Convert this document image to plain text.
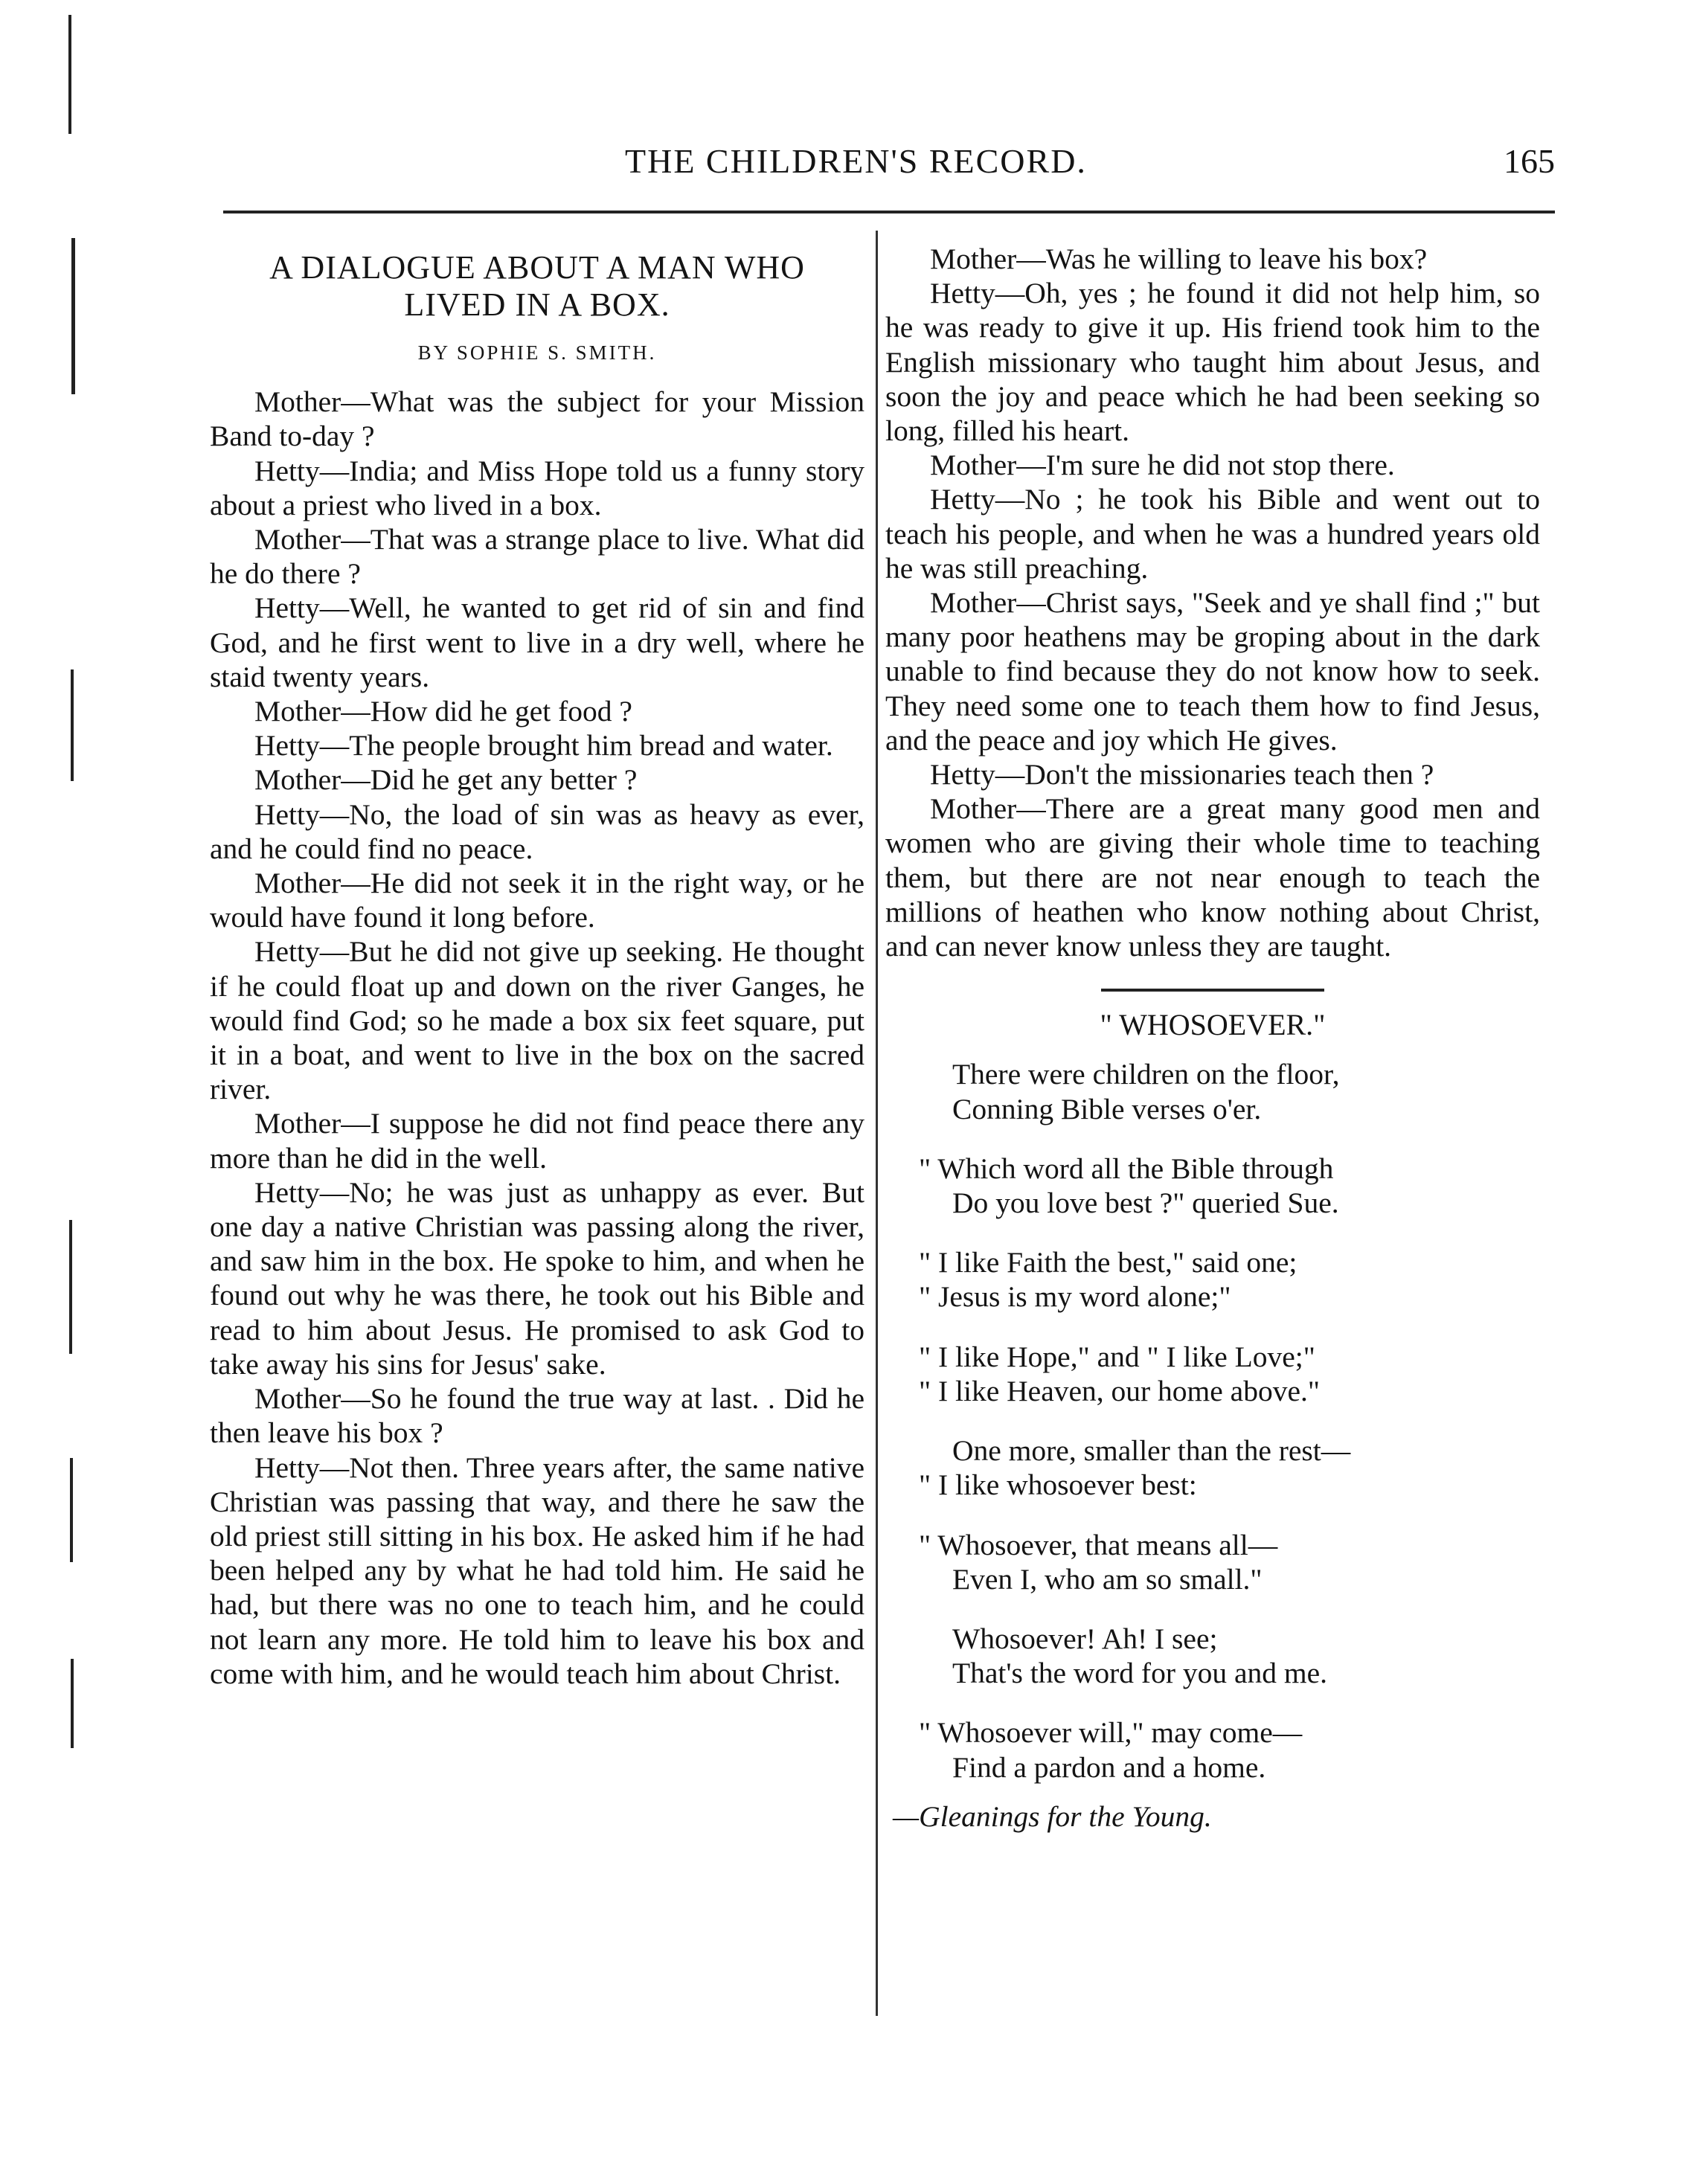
THE CHILDREN'S RECORD.	165
A DIALOGUE ABOUT A MAN WHO
LIVED IN A BOX.
BY SOPHIE S. SMITH.

Mother—What was the subject for your Mission Band to-day ?

Hetty—India; and Miss Hope told us a funny story about a priest who lived in a box.

Mother—That was a strange place to live. What did he do there ?

Hetty—Well, he wanted to get rid of sin and find God, and he first went to live in a dry well, where he staid twenty years.

Mother—How did he get food ?

Hetty—The people brought him bread and water.

Mother—Did he get any better ?

Hetty—No, the load of sin was as heavy as ever, and he could find no peace.

Mother—He did not seek it in the right way, or he would have found it long before.

Hetty—But he did not give up seeking. He thought if he could float up and down on the river Ganges, he would find God; so he made a box six feet square, put it in a boat, and went to live in the box on the sacred river.

Mother—I suppose he did not find peace there any more than he did in the well.

Hetty—No; he was just as unhappy as ever. But one day a native Christian was passing along the river, and saw him in the box. He spoke to him, and when he found out why he was there, he took out his Bible and read to him about Jesus. He promised to ask God to take away his sins for Jesus' sake.

Mother—So he found the true way at last. . Did he then leave his box ?

Hetty—Not then. Three years after, the same native Christian was passing that way, and there he saw the old priest still sitting in his box. He asked him if he had been helped any by what he had told him. He said he had, but there was no one to teach him, and he could not learn any more. He told him to leave his box and come with him, and he would teach him about Christ.

Mother—Was he willing to leave his box?

Hetty—Oh, yes ; he found it did not help him, so he was ready to give it up. His friend took him to the English missionary who taught him about Jesus, and soon the joy and peace which he had been seeking so long, filled his heart.

Mother—I'm sure he did not stop there.

Hetty—No ; he took his Bible and went out to teach his people, and when he was a hundred years old he was still preaching.

Mother—Christ says, "Seek and ye shall find ;" but many poor heathens may be groping about in the dark unable to find because they do not know how to seek. They need some one to teach them how to find Jesus, and the peace and joy which He gives.

Hetty—Don't the missionaries teach then ?

Mother—There are a great many good men and women who are giving their whole time to teaching them, but there are not near enough to teach the millions of heathen who know nothing about Christ, and can never know unless they are taught.

" WHOSOEVER."
There were children on the floor,
Conning Bible verses o'er.
" Which word all the Bible through
Do you love best ?" queried Sue.
" I like Faith the best," said one;
" Jesus is my word alone;"
" I like Hope," and " I like Love;"
" I like Heaven, our home above."
One more, smaller than the rest—
" I like whosoever best:
" Whosoever, that means all—
Even I, who am so small."
Whosoever! Ah! I see;
That's the word for you and me.
" Whosoever will," may come—
Find a pardon and a home.
—Gleanings for the Young.
